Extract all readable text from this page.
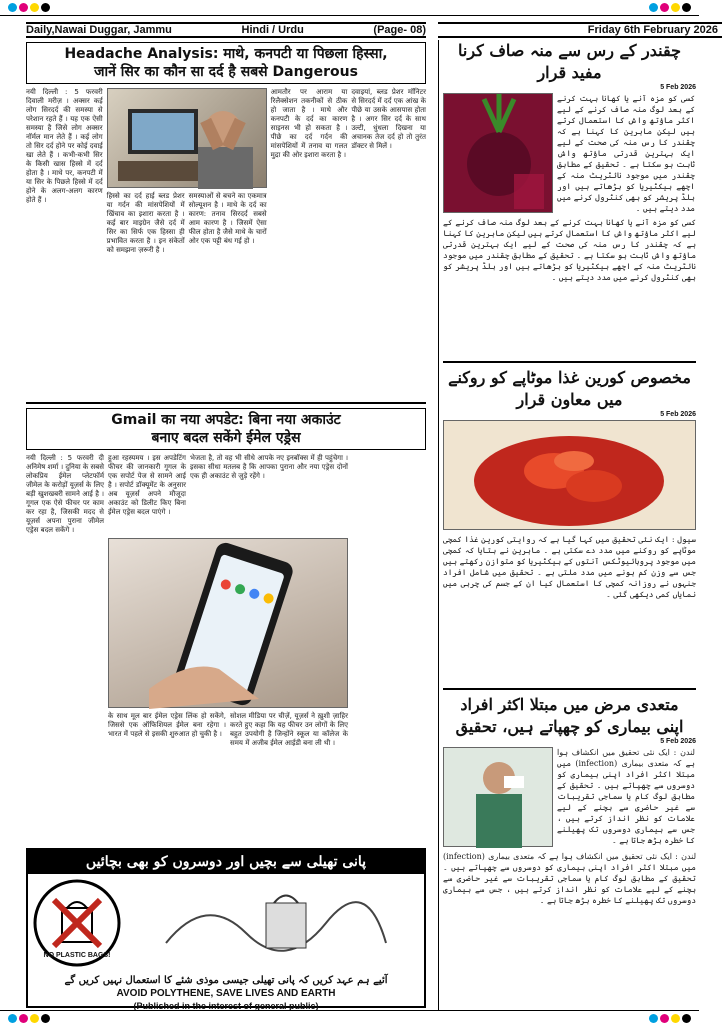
Daily,Nawai Duggar, Jammu	Hindi / Urdu	(Page- 08)	Friday 6th February 2026
Headache Analysis: माथे, कनपटी या पिछला हिस्सा,
जानें सिर का कौन सा दर्द है सबसे Dangerous
नयी दिल्ली : 5 फरवरी दिवाली मरीज़ । अक्सर कई लोग सिरदर्द की समस्या से परेशान रहते हैं । यह एक ऐसी समस्या है जिसे लोग अक्सर नॉर्मल मान लेते हैं । कई लोग तो सिर दर्द होने पर कोई दवाई खा लेते हैं । कभी-कभी सिर के किसी खास हिस्से में दर्द होता है । माथे पर, कनपटी में या सिर के पिछले हिस्से में दर्द होने के अलग-अलग कारण होते हैं ।	हिस्से का दर्द हाई ब्लड प्रेशर या गर्दन की मांसपेशियों में खिंचाव का इशारा करता है । कई बार माइग्रेन जैसे दर्द में सिर का सिर्फ एक हिस्सा ही प्रभावित करता है । इन संकेतों को समझना ज़रूरी है ।
समस्याओं से बचने का एकमात्र सोल्यूशन है । माथे के दर्द का कारण: तनाव सिरदर्द सबसे आम कारण है । जिसमें ऐसा फील होता है जैसे माथे के चारों ओर एक पट्टी बंध गई हो ।
आमतौर पर आराम या रिलैक्सेशन तकनीकों से ठीक हो जाता है । माथे और कनपटी के दर्द का कारण साइनस भी हो सकता है । पीछे का दर्द गर्दन की मांसपेशियों में तनाव या गलत मुद्रा की ओर इशारा करता है ।
दवाइयां, ब्लड प्रेशर मॉनिटर से सिरदर्द में दर्द एक आंख के पीछे या उसके आसपास होता है । अगर सिर दर्द के साथ उल्टी, धुंधला दिखना या अचानक तेज दर्द हो तो तुरंत डॉक्टर से मिलें ।
Gmail का नया अपडेट: बिना नया अकाउंट
बनाए बदल सकेंगे ईमेल एड्रेस
नयी दिल्ली : 5 फरवरी दी अनिमेष शर्मा । दुनिया के सबसे लोकप्रिय ईमेल प्लेटफॉर्म जीमेल के करोड़ों यूज़र्स के लिए बड़ी खुशखबरी सामने आई है । गूगल एक ऐसे फीचर पर काम कर रहा है, जिसकी मदद से यूज़र्स अपना पुराना जीमेल एड्रेस बदल सकेंगे ।
हुआ रहस्यमय । इस अपडेटिंग फीचर की जानकारी गूगल के एक सपोर्ट पेज से सामने आई है । सपोर्ट डॉक्यूमेंट के अनुसार अब यूज़र्स अपने मौजूदा अकाउंट को डिलीट किए बिना ईमेल एड्रेस बदल पाएंगे ।
भेजता है, तो वह भी सीधे आपके नए इनबॉक्स में ही पहुंचेगा । इसका सीधा मतलब है कि आपका पुराना और नया एड्रेस दोनों एक ही अकाउंट से जुड़े रहेंगे ।
के साथ मूल बार ईमेल एड्रेस लिंक हो सकेंगे, जिससे एक ऑफिशियल ईमेल बना रहेगा । भारत में पहले से इसकी शुरुआत हो चुकी है ।
सोशल मीडिया पर चीज़ें, यूज़र्स ने ख़ुशी ज़ाहिर करते हुए कहा कि यह फीचर उन लोगों के लिए बहुत उपयोगी है जिन्होंने स्कूल या कॉलेज के समय में अजीब ईमेल आईडी बना ली थी ।
پانی تھیلی سے بچیں اور دوسروں کو بھی بچائیں
NO PLASTIC BAGS!
آئیے ہم عہد کریں کہ پانی تھیلی جیسی موذی شئے کا استعمال نہیں کریں گے
AVOID POLYTHENE, SAVE LIVES AND EARTH
(Published in the interest of general public)
چقندر کے رس سے منہ صاف کرنا مفید قرار
5 Feb 2026
کسی کو مزہ آنے یا کھانا بہت کرنے کے بعد لوگ منہ صاف کرنے کے لیے اکثر ماؤتھ واش کا استعمال کرتے ہیں لیکن ماہرین کا کہنا ہے کہ چقندر کا رس منہ کی صحت کے لیے ایک بہترین قدرتی ماؤتھ واش ثابت ہو سکتا ہے ۔ تحقیق کے مطابق چقندر میں موجود نائٹریٹ منہ کے اچھے بیکٹیریا کو بڑھاتے ہیں اور بلڈ پریشر کو بھی کنٹرول کرنے میں مدد دیتے ہیں ۔
کسی کو مزہ آنے یا کھانا بہت کرنے کے بعد لوگ منہ صاف کرنے کے لیے اکثر ماؤتھ واش کا استعمال کرتے ہیں لیکن ماہرین کا کہنا ہے کہ چقندر کا رس منہ کی صحت کے لیے ایک بہترین قدرتی ماؤتھ واش ثابت ہو سکتا ہے ۔ تحقیق کے مطابق چقندر میں موجود نائٹریٹ منہ کے اچھے بیکٹیریا کو بڑھاتے ہیں اور بلڈ پریشر کو بھی کنٹرول کرنے میں مدد دیتے ہیں ۔
مخصوص کورین غذا موٹاپے کو روکنے
میں معاون قرار
5 Feb 2026
سیول : ایک نئی تحقیق میں کہا گیا ہے کہ روایتی کورین غذا کمچی موٹاپے کو روکنے میں مدد دے سکتی ہے ۔ ماہرین نے بتایا کہ کمچی میں موجود پروبائیوٹکس آنتوں کے بیکٹیریا کو متوازن رکھتے ہیں جس سے وزن کم ہونے میں مدد ملتی ہے ۔ تحقیق میں شامل افراد جنہوں نے روزانہ کمچی کا استعمال کیا ان کے جسم کی چربی میں نمایاں کمی دیکھی گئی ۔
متعدی مرض میں مبتلا اکثر افراد
اپنی بیماری کو چھپاتے ہیں، تحقیق
5 Feb 2026
لندن : ایک نئی تحقیق میں انکشاف ہوا ہے کہ متعدی بیماری (infection) میں مبتلا اکثر افراد اپنی بیماری کو دوسروں سے چھپاتے ہیں ۔ تحقیق کے مطابق لوگ کام یا سماجی تقریبات سے غیر حاضری سے بچنے کے لیے علامات کو نظر انداز کرتے ہیں ، جس سے بیماری دوسروں تک پھیلنے کا خطرہ بڑھ جاتا ہے ۔
لندن : ایک نئی تحقیق میں انکشاف ہوا ہے کہ متعدی بیماری (infection) میں مبتلا اکثر افراد اپنی بیماری کو دوسروں سے چھپاتے ہیں ۔ تحقیق کے مطابق لوگ کام یا سماجی تقریبات سے غیر حاضری سے بچنے کے لیے علامات کو نظر انداز کرتے ہیں ، جس سے بیماری دوسروں تک پھیلنے کا خطرہ بڑھ جاتا ہے ۔
